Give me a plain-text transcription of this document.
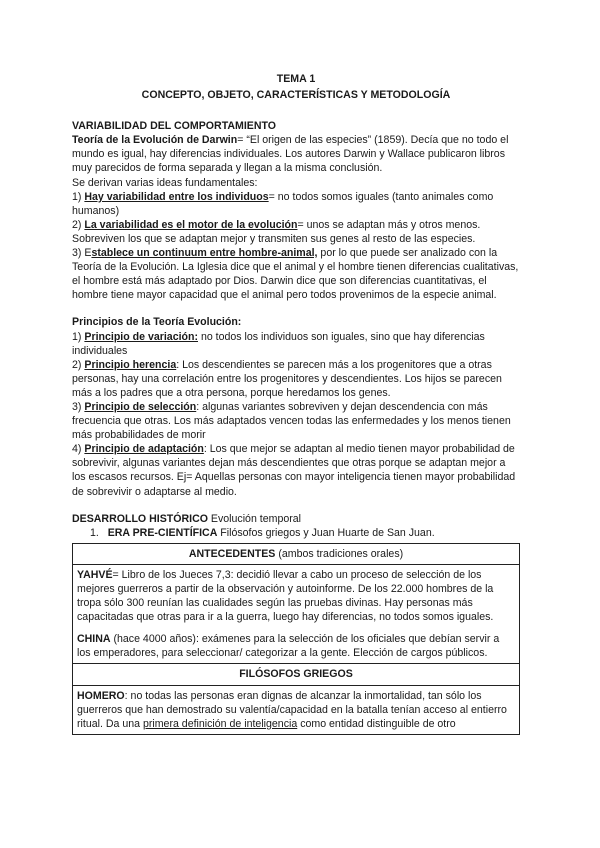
TEMA 1
CONCEPTO, OBJETO, CARACTERÍSTICAS Y METODOLOGÍA
VARIABILIDAD DEL COMPORTAMIENTO
Teoría de la Evolución de Darwin= “El origen de las especies” (1859). Decía que no todo el mundo es igual, hay diferencias individuales. Los autores Darwin y Wallace publicaron libros muy parecidos de forma separada y llegan a la misma conclusión.
Se derivan varias ideas fundamentales:
1) Hay variabilidad entre los individuos= no todos somos iguales (tanto animales como humanos)
2) La variabilidad es el motor de la evolución= unos se adaptan más y otros menos. Sobreviven los que se adaptan mejor y transmiten sus genes al resto de las especies.
3) Establece un continuum entre hombre-animal, por lo que puede ser analizado con la Teoría de la Evolución. La Iglesia dice que el animal y el hombre tienen diferencias cualitativas, el hombre está más adaptado por Dios. Darwin dice que son diferencias cuantitativas, el hombre tiene mayor capacidad que el animal pero todos provenimos de la especie animal.
Principios de la Teoría Evolución:
1) Principio de variación: no todos los individuos son iguales, sino que hay diferencias individuales
2) Principio herencia: Los descendientes se parecen más a los progenitores que a otras personas, hay una correlación entre los progenitores y descendientes. Los hijos se parecen más a los padres que a otra persona, porque heredamos los genes.
3) Principio de selección: algunas variantes sobreviven y dejan descendencia con más frecuencia que otras. Los más adaptados vencen todas las enfermedades y los menos tienen más probabilidades de morir
4) Principio de adaptación: Los que mejor se adaptan al medio tienen mayor probabilidad de sobrevivir, algunas variantes dejan más descendientes que otras porque se adaptan mejor a los escasos recursos. Ej= Aquellas personas con mayor inteligencia tienen mayor probabilidad de sobrevivir o adaptarse al medio.
DESARROLLO HISTÓRICO Evolución temporal
1. ERA PRE-CIENTÍFICA Filósofos griegos y Juan Huarte de San Juan.
ANTECEDENTES (ambos tradiciones orales)

YAHVÉ= Libro de los Jueces 7,3: decidió llevar a cabo un proceso de selección de los mejores guerreros a partir de la observación y autoinforme. De los 22.000 hombres de la tropa sólo 300 reunían las cualidades según las pruebas divinas. Hay personas más capacitadas que otras para ir a la guerra, luego hay diferencias, no todos somos iguales.

CHINA (hace 4000 años): exámenes para la selección de los oficiales que debían servir a los emperadores, para seleccionar/ categorizar a la gente. Elección de cargos públicos.

FILÓSOFOS GRIEGOS

HOMERO: no todas las personas eran dignas de alcanzar la inmortalidad, tan sólo los guerreros que han demostrado su valentía/capacidad en la batalla tenían acceso al entierro ritual. Da una primera definición de inteligencia como entidad distinguible de otro
